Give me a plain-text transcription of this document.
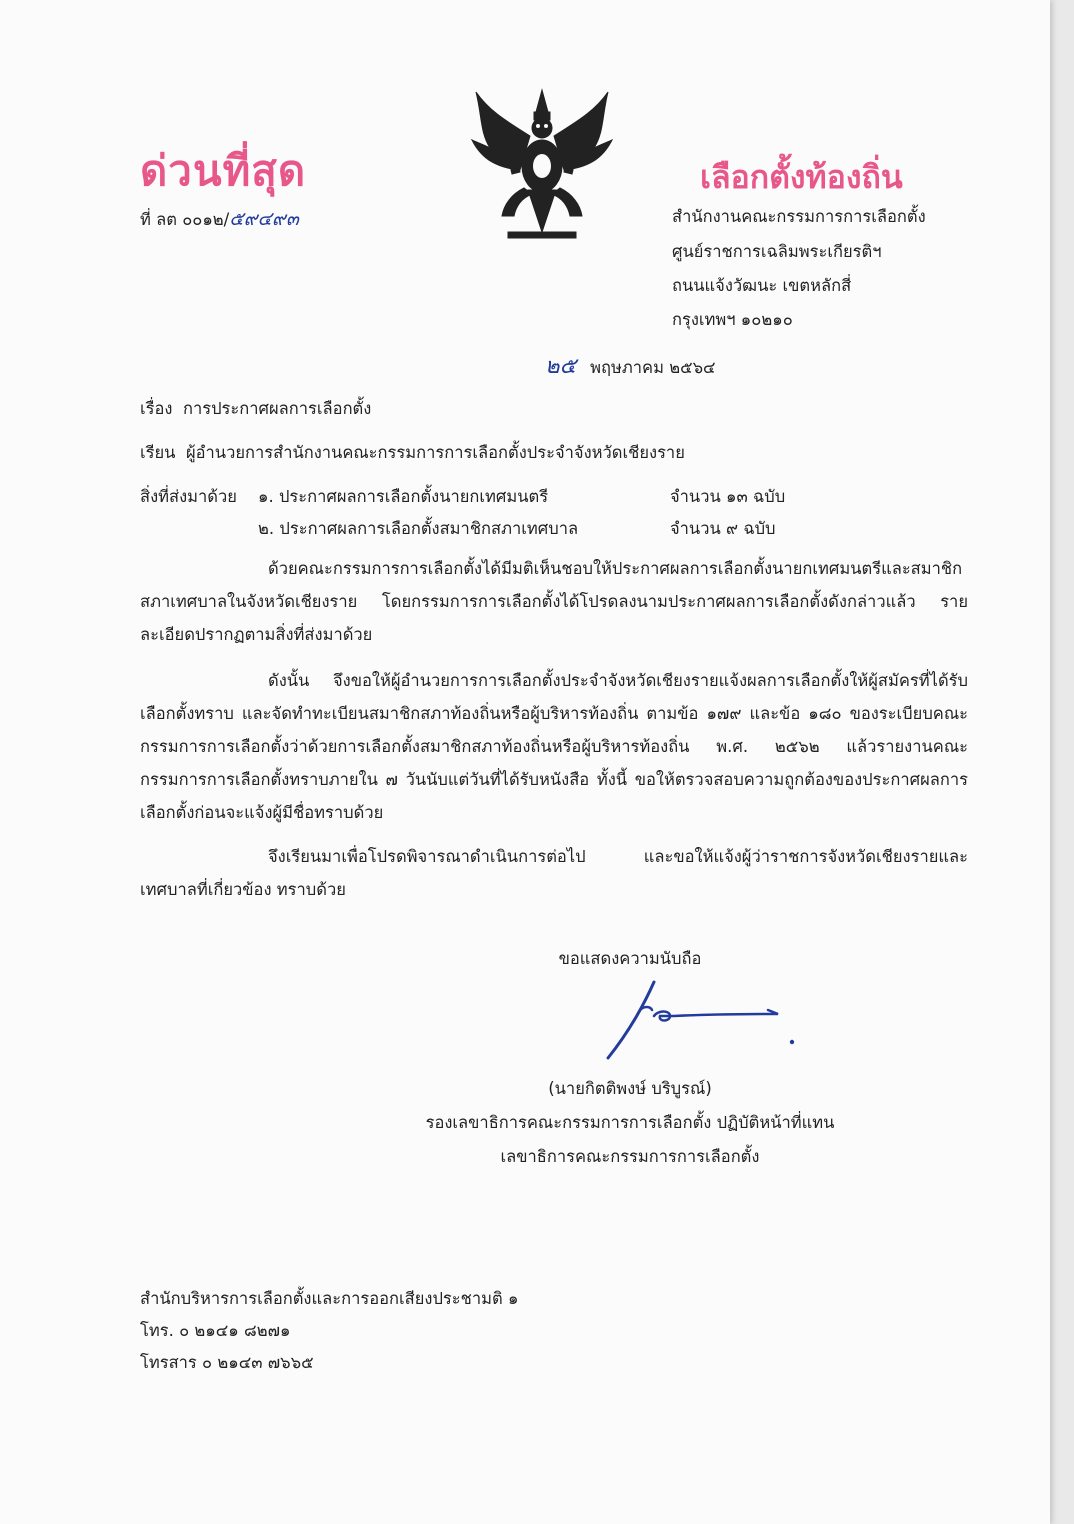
ด่วนที่สุด	เลือกตั้งท้องถิ่น
ที่ ลต ๐๐๑๒/๕๙๔๙๓	สำนักงานคณะกรรมการการเลือกตั้ง
ศูนย์ราชการเฉลิมพระเกียรติฯ
ถนนแจ้งวัฒนะ เขตหลักสี่
กรุงเทพฯ ๑๐๒๑๐
๒๕ พฤษภาคม ๒๕๖๔
เรื่อง การประกาศผลการเลือกตั้ง
เรียน ผู้อำนวยการสำนักงานคณะกรรมการการเลือกตั้งประจำจังหวัดเชียงราย
สิ่งที่ส่งมาด้วย ๑. ประกาศผลการเลือกตั้งนายกเทศมนตรี	จำนวน ๑๓ ฉบับ
๒. ประกาศผลการเลือกตั้งสมาชิกสภาเทศบาล	จำนวน ๙ ฉบับ

ด้วยคณะกรรมการการเลือกตั้งได้มีมติเห็นชอบให้ประกาศผลการเลือกตั้งนายกเทศมนตรีและสมาชิกสภาเทศบาลในจังหวัดเชียงราย โดยกรรมการการเลือกตั้งได้โปรดลงนามประกาศผลการเลือกตั้งดังกล่าวแล้ว รายละเอียดปรากฏตามสิ่งที่ส่งมาด้วย

ดังนั้น จึงขอให้ผู้อำนวยการการเลือกตั้งประจำจังหวัดเชียงรายแจ้งผลการเลือกตั้งให้ผู้สมัครที่ได้รับเลือกตั้งทราบ และจัดทำทะเบียนสมาชิกสภาท้องถิ่นหรือผู้บริหารท้องถิ่น ตามข้อ ๑๗๙ และข้อ ๑๘๐ ของระเบียบคณะกรรมการการเลือกตั้งว่าด้วยการเลือกตั้งสมาชิกสภาท้องถิ่นหรือผู้บริหารท้องถิ่น พ.ศ. ๒๕๖๒ แล้วรายงานคณะกรรมการการเลือกตั้งทราบภายใน ๗ วันนับแต่วันที่ได้รับหนังสือ ทั้งนี้ ขอให้ตรวจสอบความถูกต้องของประกาศผลการเลือกตั้งก่อนจะแจ้งผู้มีชื่อทราบด้วย

จึงเรียนมาเพื่อโปรดพิจารณาดำเนินการต่อไป และขอให้แจ้งผู้ว่าราชการจังหวัดเชียงรายและเทศบาลที่เกี่ยวข้อง ทราบด้วย

ขอแสดงความนับถือ
(นายกิตติพงษ์ บริบูรณ์)
รองเลขาธิการคณะกรรมการการเลือกตั้ง ปฏิบัติหน้าที่แทน
เลขาธิการคณะกรรมการการเลือกตั้ง
สำนักบริหารการเลือกตั้งและการออกเสียงประชามติ ๑
โทร. ๐ ๒๑๔๑ ๘๒๗๑
โทรสาร ๐ ๒๑๔๓ ๗๖๖๕
